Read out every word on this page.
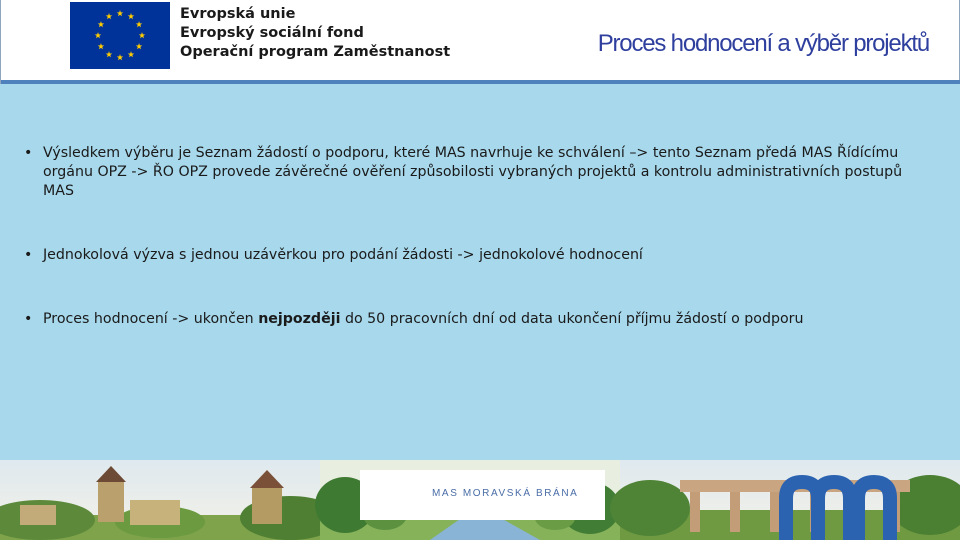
Evropská unie
Evropský sociální fond
Operační program Zaměstnanost	Proces hodnocení a výběr projektů
• Výsledkem výběru je Seznam žádostí o podporu, které MAS navrhuje ke schválení –> tento Seznam předá MAS Řídícímu orgánu OPZ -> ŘO OPZ provede závěrečné ověření způsobilosti vybraných projektů a kontrolu administrativních postupů MAS
• Jednokolová výzva s jednou uzávěrkou pro podání žádosti -> jednokolové hodnocení
• Proces hodnocení -> ukončen nejpozději do 50 pracovních dní od data ukončení příjmu žádostí o podporu
MAS MORAVSKÁ BRÁNA
